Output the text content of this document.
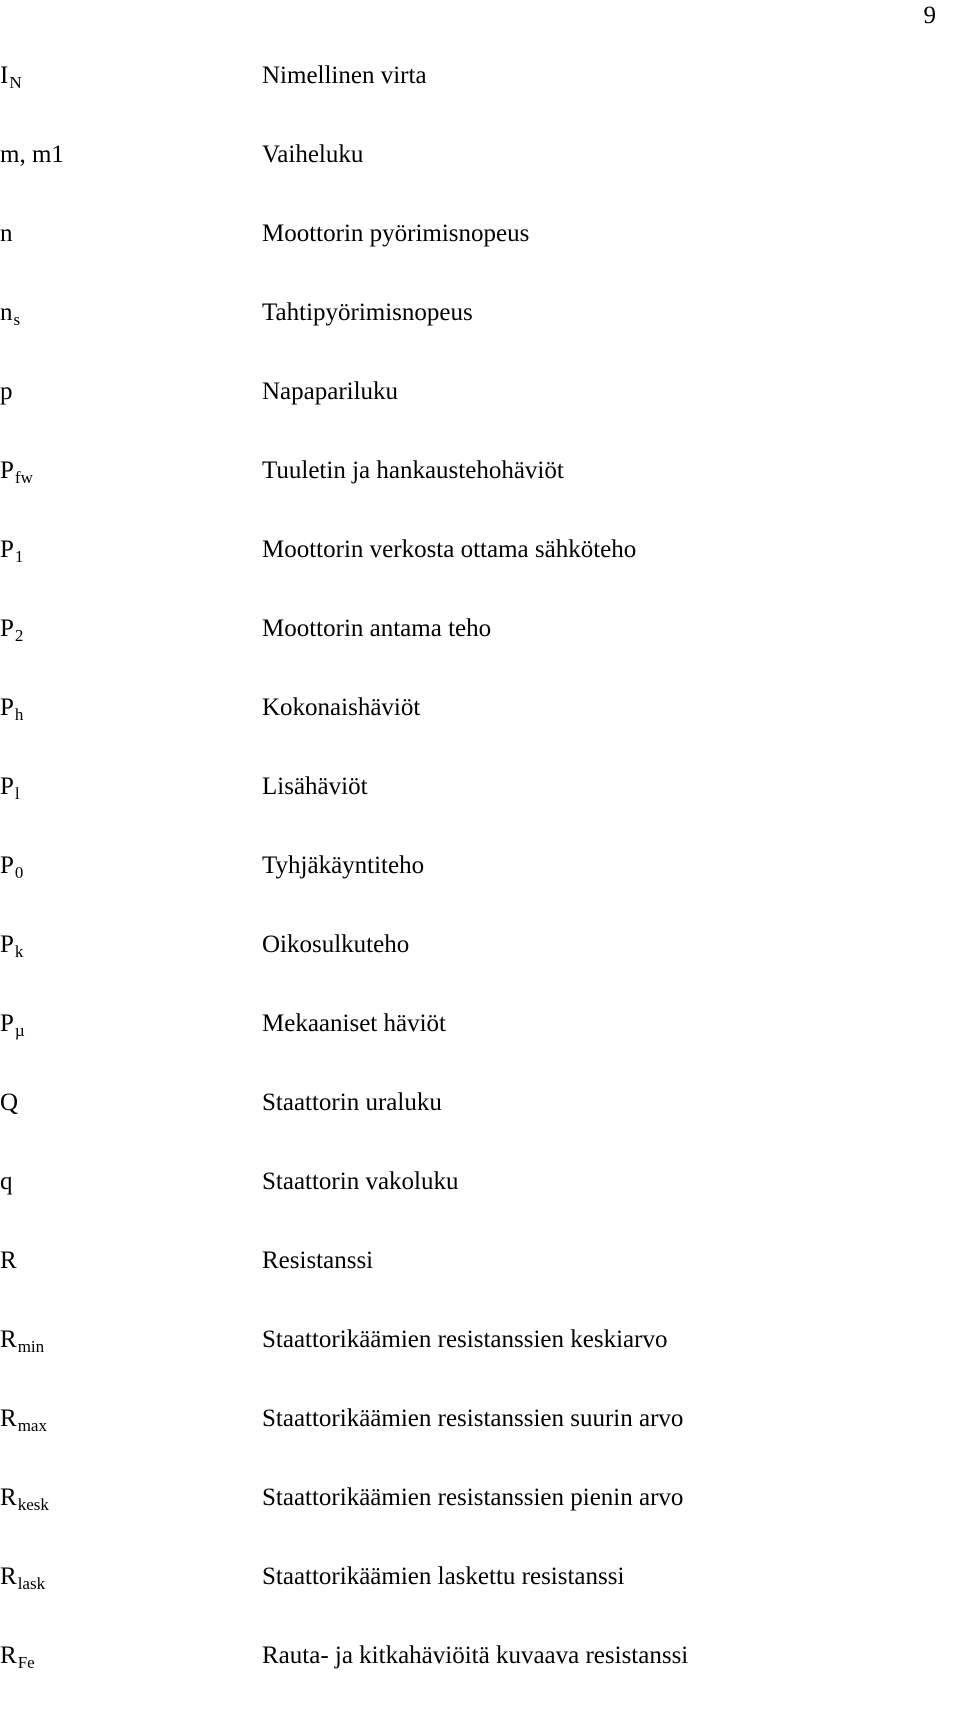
9
$I_N$	Nimellinen virta
m, m1	Vaiheluku
n	Moottorin pyörimisnopeus
$n_s$	Tahtipyörimisnopeus
p	Napapariluku
$P_{fw}$	Tuuletin ja hankaustehohäviöt
$P_1$	Moottorin verkosta ottama sähköteho
$P_2$	Moottorin antama teho
$P_h$	Kokonaishäviöt
$P_l$	Lisähäviöt
$P_0$	Tyhjäkäyntiteho
$P_k$	Oikosulkuteho
$P_\mu$	Mekaaniset häviöt
Q	Staattorin uraluku
q	Staattorin vakoluku
R	Resistanssi
$R_{min}$	Staattorikäämien resistanssien keskiarvo
$R_{max}$	Staattorikäämien resistanssien suurin arvo
$R_{kesk}$	Staattorikäämien resistanssien pienin arvo
$R_{lask}$	Staattorikäämien laskettu resistanssi
$R_{Fe}$	Rauta- ja kitkahäviöitä kuvaava resistanssi
